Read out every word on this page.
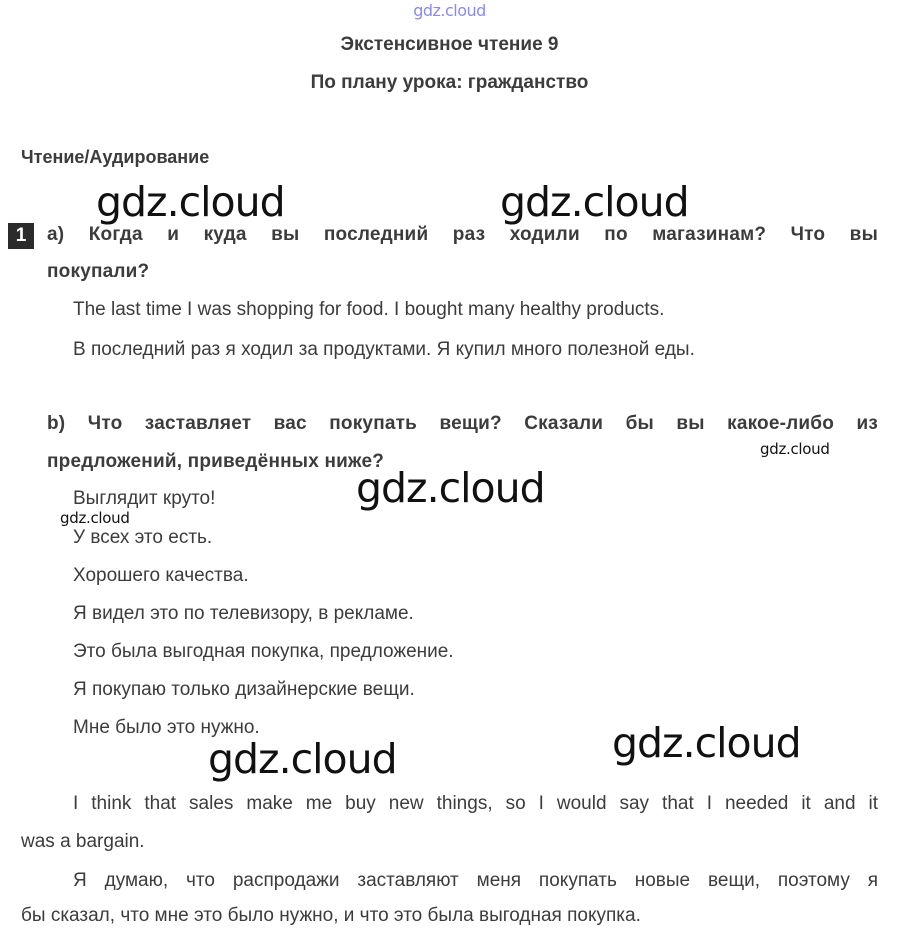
gdz.cloud
Экстенсивное чтение 9
По плану урока: гражданство
Чтение/Аудирование
gdz.cloud	gdz.cloud
1	a) Когда и куда вы последний раз ходили по магазинам? Что вы
покупали?
The last time I was shopping for food. I bought many healthy products.
В последний раз я ходил за продуктами. Я купил много полезной еды.
b) Что заставляет вас покупать вещи? Сказали бы вы какое-либо из
gdz.cloud
предложений, приведённых ниже?
gdz.cloud
Выглядит круто!
gdz.cloud
У всех это есть.
Хорошего качества.
Я видел это по телевизору, в рекламе.
Это была выгодная покупка, предложение.
Я покупаю только дизайнерские вещи.
Мне было это нужно.	gdz.cloud
gdz.cloud
I think that sales make me buy new things, so I would say that I needed it and it
was a bargain.
Я думаю, что распродажи заставляют меня покупать новые вещи, поэтому я
бы сказал, что мне это было нужно, и что это была выгодная покупка.
